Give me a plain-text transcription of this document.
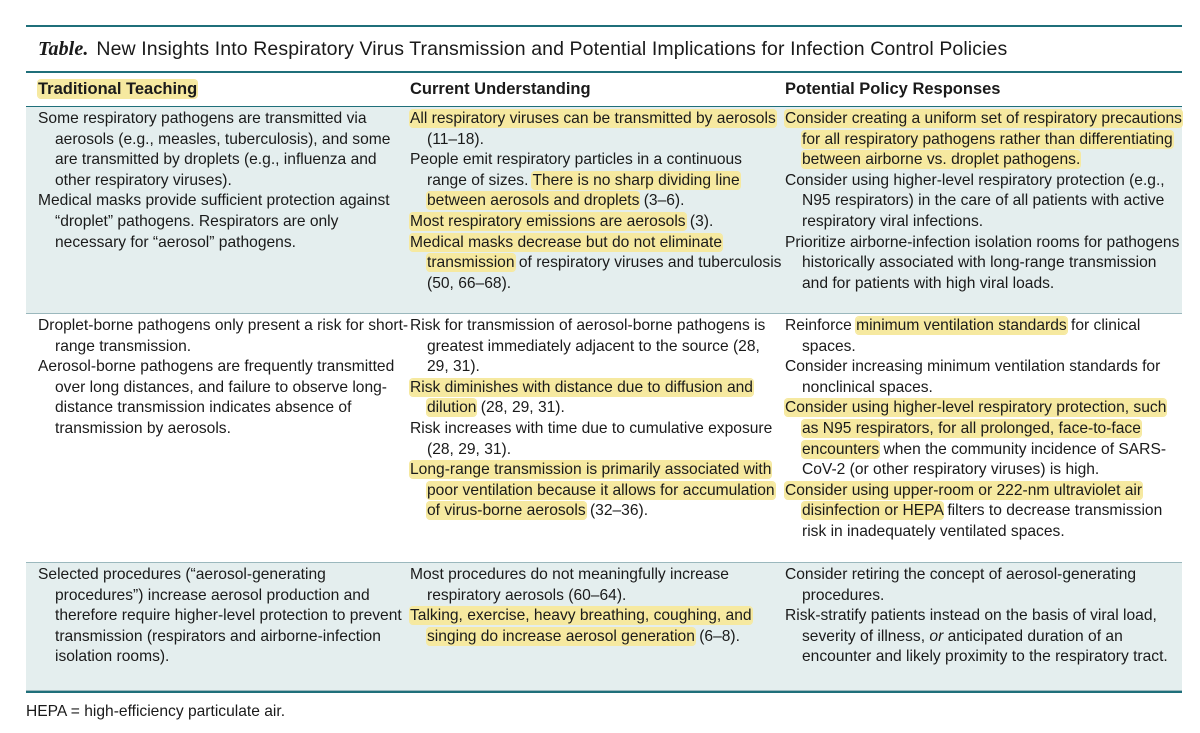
Table. New Insights Into Respiratory Virus Transmission and Potential Implications for Infection Control Policies
Traditional Teaching	Current Understanding	Potential Policy Responses

Some respiratory pathogens are transmitted via aerosols (e.g., measles, tuberculosis), and some are transmitted by droplets (e.g., influenza and other respiratory viruses).

Medical masks provide sufficient protection against “droplet” pathogens. Respirators are only necessary for “aerosol” pathogens.

All respiratory viruses can be transmitted by aerosols (11–18).

People emit respiratory particles in a continuous range of sizes. There is no sharp dividing line between aerosols and droplets (3–6).

Most respiratory emissions are aerosols (3).

Medical masks decrease but do not eliminate transmission of respiratory viruses and tuberculosis (50, 66–68).

Consider creating a uniform set of respiratory precautions for all respiratory pathogens rather than differentiating between airborne vs. droplet pathogens.

Consider using higher-level respiratory protection (e.g., N95 respirators) in the care of all patients with active respiratory viral infections.

Prioritize airborne-infection isolation rooms for pathogens historically associated with long-range transmission and for patients with high viral loads.

Droplet-borne pathogens only present a risk for short-range transmission.

Aerosol-borne pathogens are frequently transmitted over long distances, and failure to observe long-distance transmission indicates absence of transmission by aerosols.

Risk for transmission of aerosol-borne pathogens is greatest immediately adjacent to the source (28, 29, 31).

Risk diminishes with distance due to diffusion and dilution (28, 29, 31).

Risk increases with time due to cumulative exposure (28, 29, 31).

Long-range transmission is primarily associated with poor ventilation because it allows for accumulation of virus-borne aerosols (32–36).

Reinforce minimum ventilation standards for clinical spaces.

Consider increasing minimum ventilation standards for nonclinical spaces.

Consider using higher-level respiratory protection, such as N95 respirators, for all prolonged, face-to-face encounters when the community incidence of SARS-CoV-2 (or other respiratory viruses) is high.

Consider using upper-room or 222-nm ultraviolet air disinfection or HEPA filters to decrease transmission risk in inadequately ventilated spaces.

Selected procedures (“aerosol-generating procedures”) increase aerosol production and therefore require higher-level protection to prevent transmission (respirators and airborne-infection isolation rooms).

Most procedures do not meaningfully increase respiratory aerosols (60–64).

Talking, exercise, heavy breathing, coughing, and singing do increase aerosol generation (6–8).

Consider retiring the concept of aerosol-generating procedures.

Risk-stratify patients instead on the basis of viral load, severity of illness, or anticipated duration of an encounter and likely proximity to the respiratory tract.

HEPA = high-efficiency particulate air.
